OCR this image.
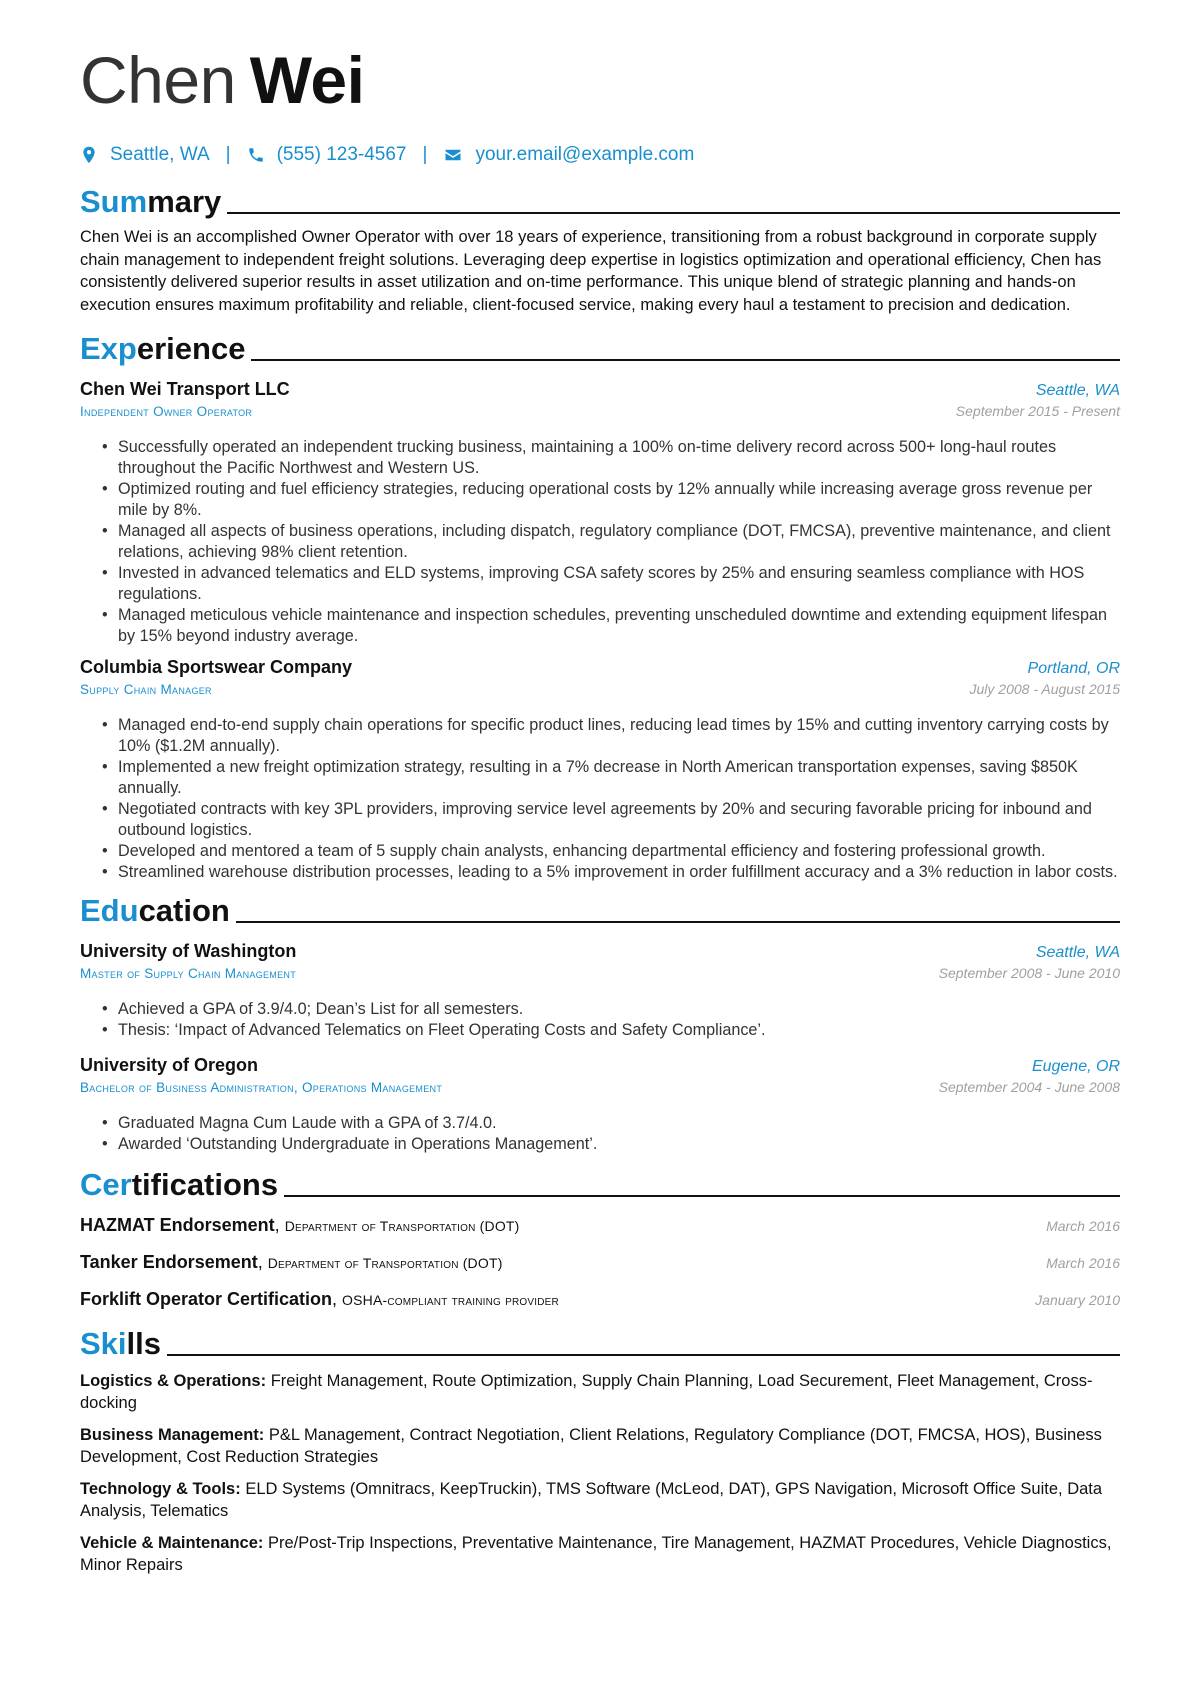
Chen Wei
Seattle, WA | (555) 123-4567 |	your.email@example.com
Summary
Chen Wei is an accomplished Owner Operator with over 18 years of experience, transitioning from a robust background in corporate supply chain management to independent freight solutions. Leveraging deep expertise in logistics optimization and operational efficiency, Chen has consistently delivered superior results in asset utilization and on-time performance. This unique blend of strategic planning and hands-on execution ensures maximum profitability and reliable, client-focused service, making every haul a testament to precision and dedication.
Experience
Chen Wei Transport LLC	Seattle, WA
Independent Owner Operator	September 2015 - Present
• Successfully operated an independent trucking business, maintaining a 100% on-time delivery record across 500+ long-haul routes throughout the Pacific Northwest and Western US.
• Optimized routing and fuel efficiency strategies, reducing operational costs by 12% annually while increasing average gross revenue per mile by 8%.
• Managed all aspects of business operations, including dispatch, regulatory compliance (DOT, FMCSA), preventive maintenance, and client relations, achieving 98% client retention.
• Invested in advanced telematics and ELD systems, improving CSA safety scores by 25% and ensuring seamless compliance with HOS regulations.
• Managed meticulous vehicle maintenance and inspection schedules, preventing unscheduled downtime and extending equipment lifespan by 15% beyond industry average.
Columbia Sportswear Company	Portland, OR
Supply Chain Manager	July 2008 - August 2015
• Managed end-to-end supply chain operations for specific product lines, reducing lead times by 15% and cutting inventory carrying costs by 10% ($1.2M annually).
• Implemented a new freight optimization strategy, resulting in a 7% decrease in North American transportation expenses, saving $850K annually.
• Negotiated contracts with key 3PL providers, improving service level agreements by 20% and securing favorable pricing for inbound and outbound logistics.
• Developed and mentored a team of 5 supply chain analysts, enhancing departmental efficiency and fostering professional growth.
• Streamlined warehouse distribution processes, leading to a 5% improvement in order fulfillment accuracy and a 3% reduction in labor costs.
Education
University of Washington	Seattle, WA
Master of Supply Chain Management	September 2008 - June 2010
• Achieved a GPA of 3.9/4.0; Dean’s List for all semesters.
• Thesis: ‘Impact of Advanced Telematics on Fleet Operating Costs and Safety Compliance’.
University of Oregon	Eugene, OR
Bachelor of Business Administration, Operations Management	September 2004 - June 2008
• Graduated Magna Cum Laude with a GPA of 3.7/4.0.
• Awarded ‘Outstanding Undergraduate in Operations Management’.
Certifications
HAZMAT Endorsement, Department of Transportation (DOT)	March 2016
Tanker Endorsement, Department of Transportation (DOT)	March 2016
Forklift Operator Certification, OSHA-compliant training provider	January 2010
Skills
Logistics & Operations: Freight Management, Route Optimization, Supply Chain Planning, Load Securement, Fleet Management, Cross-docking
Business Management: P&L Management, Contract Negotiation, Client Relations, Regulatory Compliance (DOT, FMCSA, HOS), Business Development, Cost Reduction Strategies
Technology & Tools: ELD Systems (Omnitracs, KeepTruckin), TMS Software (McLeod, DAT), GPS Navigation, Microsoft Office Suite, Data Analysis, Telematics
Vehicle & Maintenance: Pre/Post-Trip Inspections, Preventative Maintenance, Tire Management, HAZMAT Procedures, Vehicle Diagnostics, Minor Repairs
